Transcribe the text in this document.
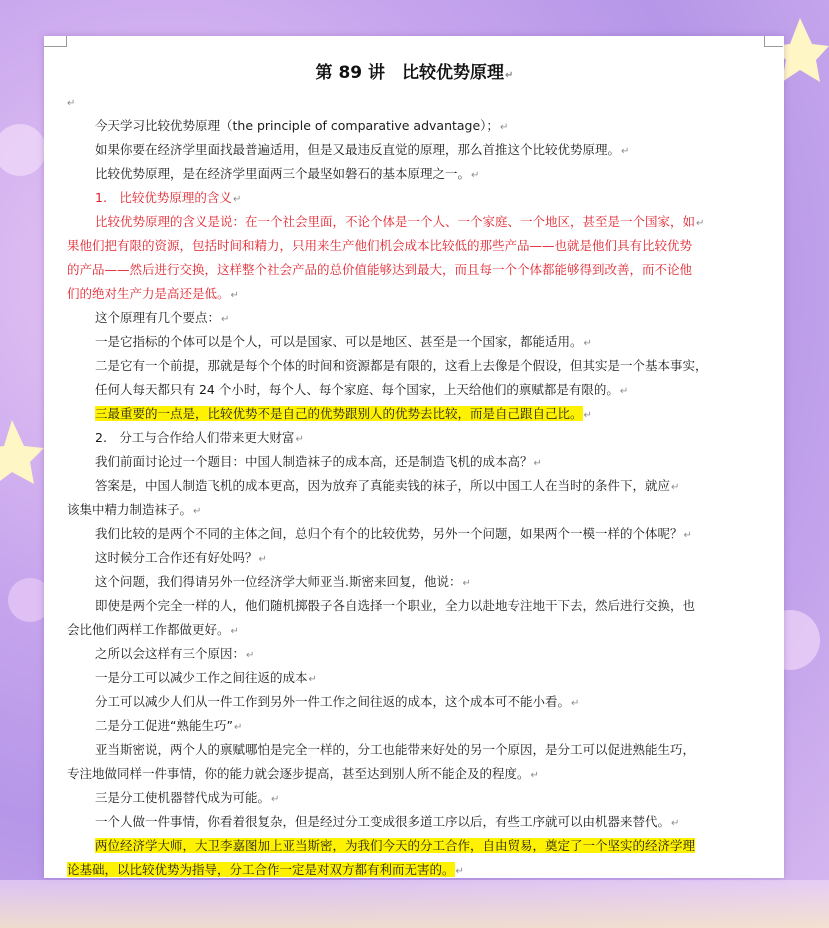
第 89 讲　比较优势原理↵
↵
今天学习比较优势原理（the principle of comparative advantage）；↵
如果你要在经济学里面找最普遍适用，但是又最违反直觉的原理，那么首推这个比较优势原理。↵
比较优势原理，是在经济学里面两三个最坚如磐石的基本原理之一。↵
1.　比较优势原理的含义↵
比较优势原理的含义是说：在一个社会里面，不论个体是一个人、一个家庭、一个地区，甚至是一个国家，如↵
果他们把有限的资源，包括时间和精力，只用来生产他们机会成本比较低的那些产品——也就是他们具有比较优势
的产品——然后进行交换，这样整个社会产品的总价值能够达到最大，而且每一个个体都能够得到改善，而不论他
们的绝对生产力是高还是低。↵
这个原理有几个要点：↵
一是它指标的个体可以是个人，可以是国家、可以是地区、甚至是一个国家，都能适用。↵
二是它有一个前提，那就是每个个体的时间和资源都是有限的，这看上去像是个假设，但其实是一个基本事实，
任何人每天都只有 24 个小时，每个人、每个家庭、每个国家，上天给他们的禀赋都是有限的。↵
三最重要的一点是，比较优势不是自己的优势跟别人的优势去比较，而是自己跟自己比。↵
2.　分工与合作给人们带来更大财富↵
我们前面讨论过一个题目：中国人制造袜子的成本高，还是制造飞机的成本高？↵
答案是，中国人制造飞机的成本更高，因为放弃了真能卖钱的袜子，所以中国工人在当时的条件下，就应↵
该集中精力制造袜子。↵
我们比较的是两个不同的主体之间，总归个有个的比较优势，另外一个问题，如果两个一模一样的个体呢？↵
这时候分工合作还有好处吗？↵
这个问题，我们得请另外一位经济学大师亚当.斯密来回复，他说：↵
即使是两个完全一样的人，他们随机掷骰子各自选择一个职业，全力以赴地专注地干下去，然后进行交换，也
会比他们两样工作都做更好。↵
之所以会这样有三个原因：↵
一是分工可以减少工作之间往返的成本↵
分工可以减少人们从一件工作到另外一件工作之间往返的成本，这个成本可不能小看。↵
二是分工促进“熟能生巧”↵
亚当斯密说，两个人的禀赋哪怕是完全一样的，分工也能带来好处的另一个原因，是分工可以促进熟能生巧，
专注地做同样一件事情，你的能力就会逐步提高，甚至达到别人所不能企及的程度。↵
三是分工使机器替代成为可能。↵
一个人做一件事情，你看着很复杂，但是经过分工变成很多道工序以后，有些工序就可以由机器来替代。↵
两位经济学大师，大卫李嘉图加上亚当斯密，为我们今天的分工合作，自由贸易，奠定了一个坚实的经济学理
论基础，以比较优势为指导，分工合作一定是对双方都有利而无害的。↵
